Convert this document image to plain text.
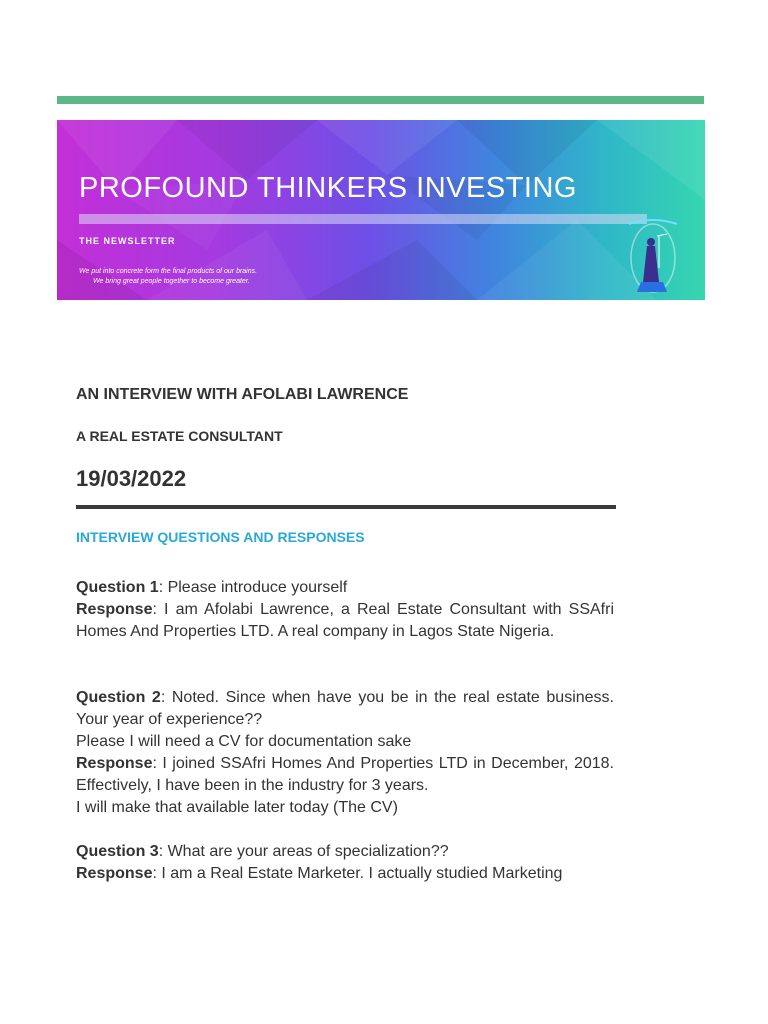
PROFOUND THINKERS INVESTING
THE NEWSLETTER
We put into concrete form the final products of our brains.
We bring great people together to become greater.
AN INTERVIEW WITH AFOLABI LAWRENCE
A REAL ESTATE CONSULTANT
19/03/2022
INTERVIEW QUESTIONS AND RESPONSES

Question 1: Please introduce yourself

Response: I am Afolabi Lawrence, a Real Estate Consultant with SSAfri Homes And Properties LTD. A real company in Lagos State Nigeria.

Question 2: Noted. Since when have you be in the real estate business. Your year of experience??

Please I will need a CV for documentation sake

Response: I joined SSAfri Homes And Properties LTD in December, 2018. Effectively, I have been in the industry for 3 years.

I will make that available later today (The CV)

Question 3: What are your areas of specialization??

Response: I am a Real Estate Marketer. I actually studied Marketing
